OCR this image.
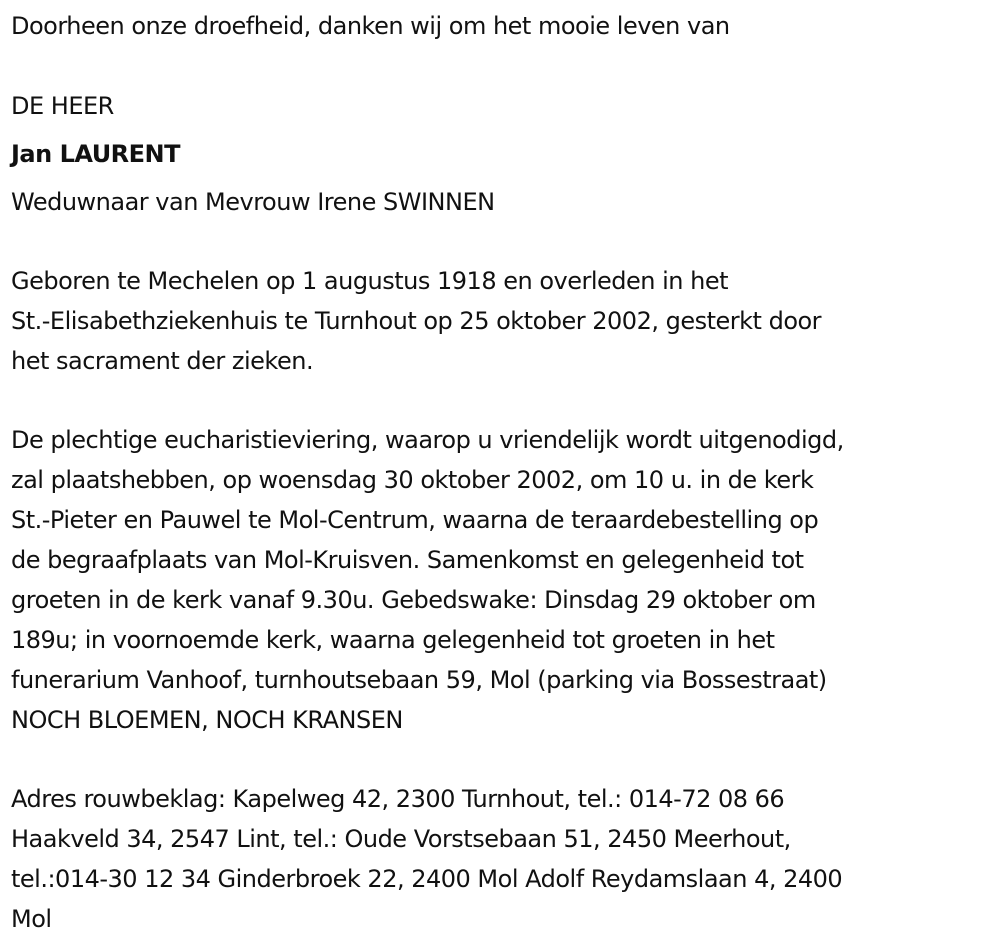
Doorheen onze droefheid, danken wij om het mooie leven van

DE HEER

Jan LAURENT

Weduwnaar van Mevrouw Irene SWINNEN

Geboren te Mechelen op 1 augustus 1918 en overleden in het
St.-Elisabethziekenhuis te Turnhout op 25 oktober 2002, gesterkt door
het sacrament der zieken.
De plechtige eucharistieviering, waarop u vriendelijk wordt uitgenodigd,
zal plaatshebben, op woensdag 30 oktober 2002, om 10 u. in de kerk
St.-Pieter en Pauwel te Mol-Centrum, waarna de teraardebestelling op
de begraafplaats van Mol-Kruisven. Samenkomst en gelegenheid tot
groeten in de kerk vanaf 9.30u. Gebedswake: Dinsdag 29 oktober om
189u; in voornoemde kerk, waarna gelegenheid tot groeten in het
funerarium Vanhoof, turnhoutsebaan 59, Mol (parking via Bossestraat)
NOCH BLOEMEN, NOCH KRANSEN
Adres rouwbeklag: Kapelweg 42, 2300 Turnhout, tel.: 014-72 08 66
Haakveld 34, 2547 Lint, tel.: Oude Vorstsebaan 51, 2450 Meerhout,
tel.:014-30 12 34 Ginderbroek 22, 2400 Mol Adolf Reydamslaan 4, 2400
Mol
